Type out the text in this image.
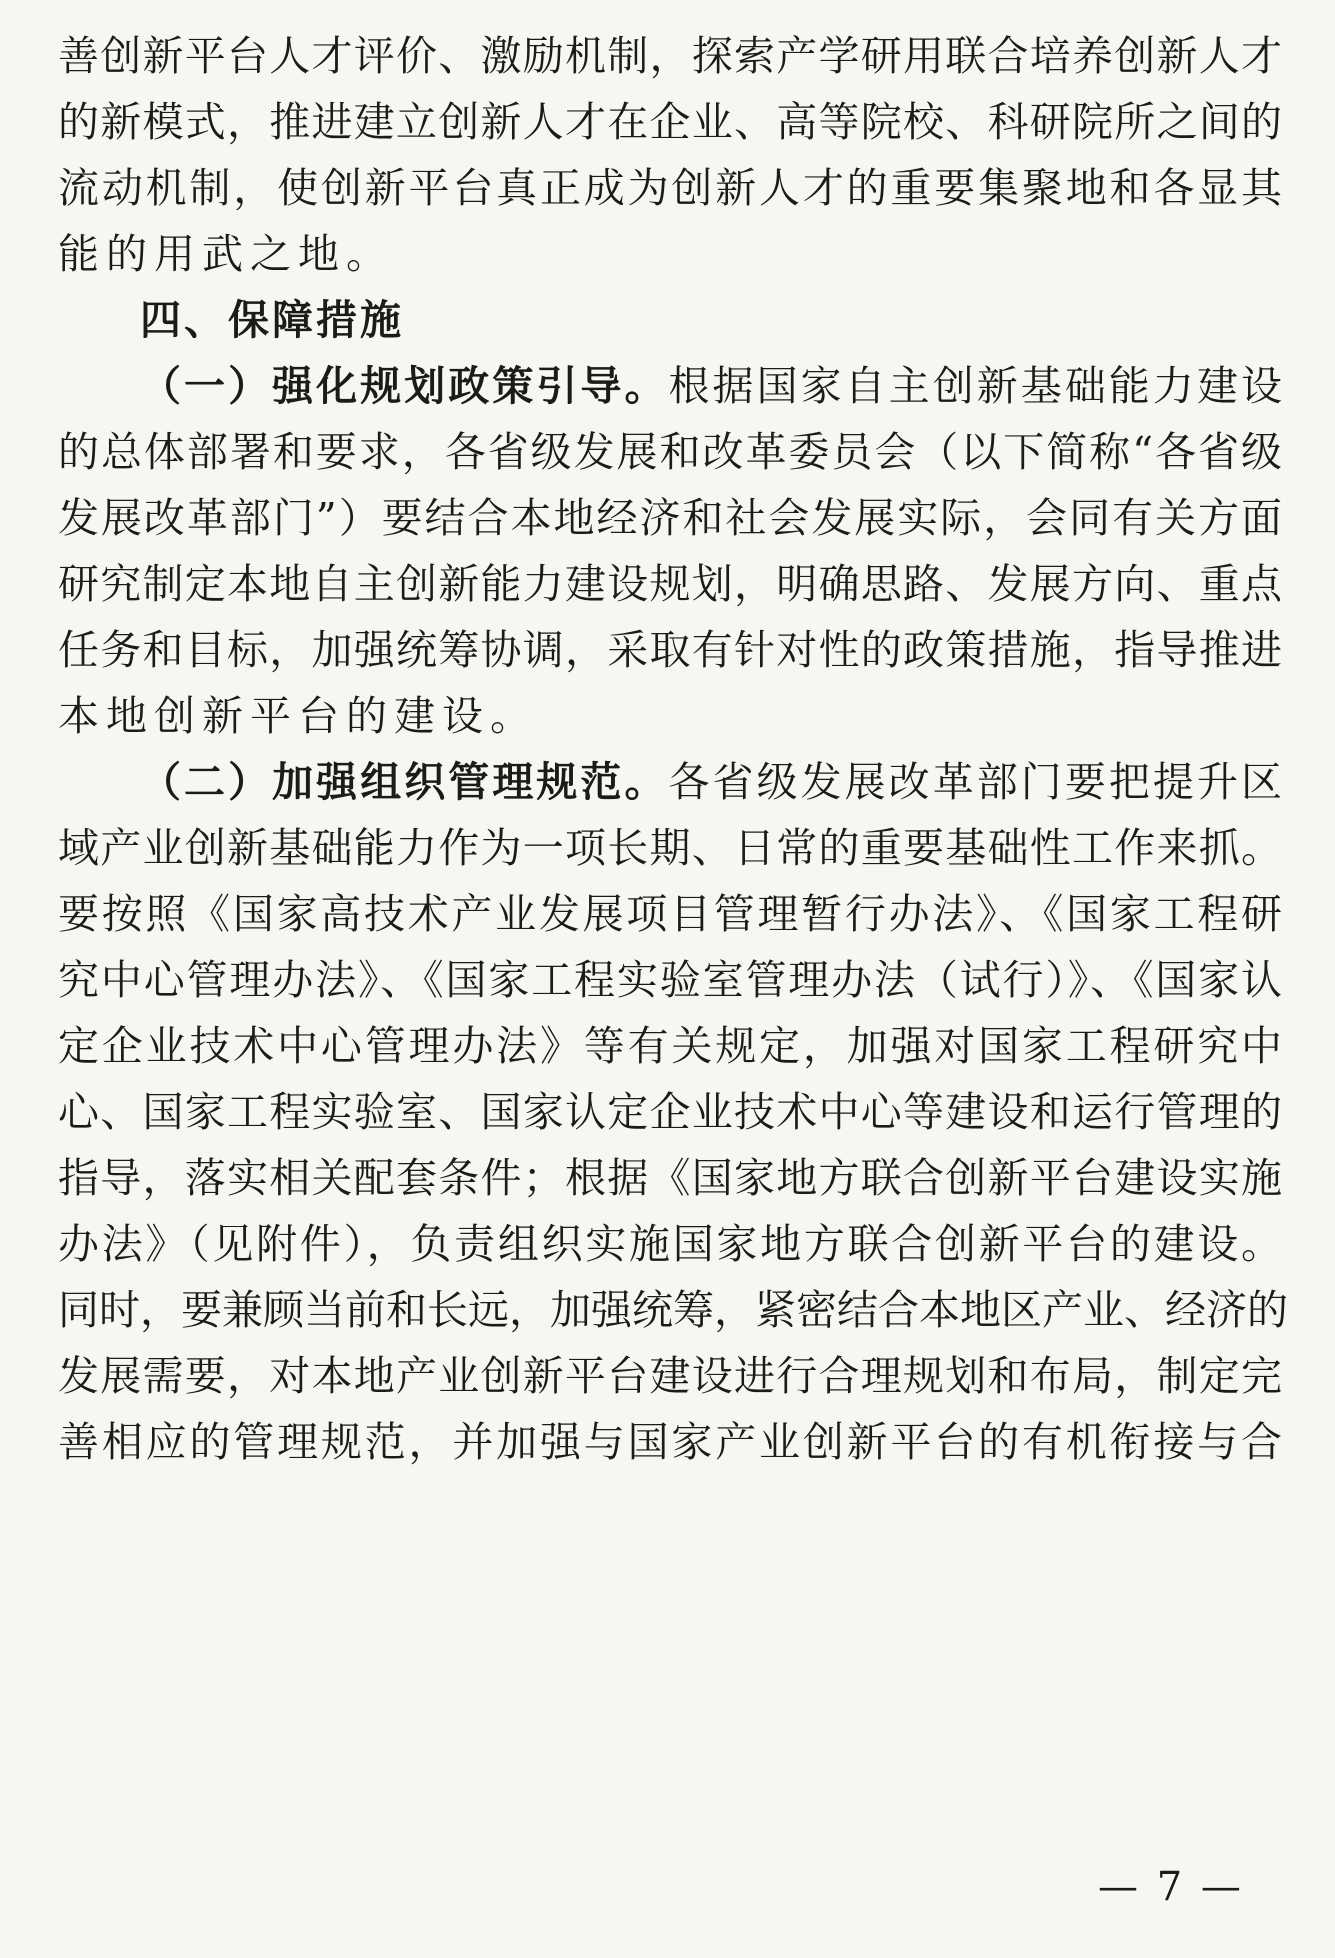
善创新平台人才评价、激励机制，探索产学研用联合培养创新人才
的新模式，推进建立创新人才在企业、高等院校、科研院所之间的
流动机制，使创新平台真正成为创新人才的重要集聚地和各显其
能的用武之地。
四、保障措施
（一）强化规划政策引导。根据国家自主创新基础能力建设
的总体部署和要求，各省级发展和改革委员会（以下简称“各省级
发展改革部门”）要结合本地经济和社会发展实际，会同有关方面
研究制定本地自主创新能力建设规划，明确思路、发展方向、重点
任务和目标，加强统筹协调，采取有针对性的政策措施，指导推进
本地创新平台的建设。
（二）加强组织管理规范。各省级发展改革部门要把提升区
域产业创新基础能力作为一项长期、日常的重要基础性工作来抓。
要按照《国家高技术产业发展项目管理暂行办法》、《国家工程研
究中心管理办法》、《国家工程实验室管理办法（试行）》、《国家认
定企业技术中心管理办法》等有关规定，加强对国家工程研究中
心、国家工程实验室、国家认定企业技术中心等建设和运行管理的
指导，落实相关配套条件；根据《国家地方联合创新平台建设实施
办法》（见附件），负责组织实施国家地方联合创新平台的建设。
同时，要兼顾当前和长远，加强统筹，紧密结合本地区产业、经济的
发展需要，对本地产业创新平台建设进行合理规划和布局，制定完
善相应的管理规范，并加强与国家产业创新平台的有机衔接与合
— 7 —
